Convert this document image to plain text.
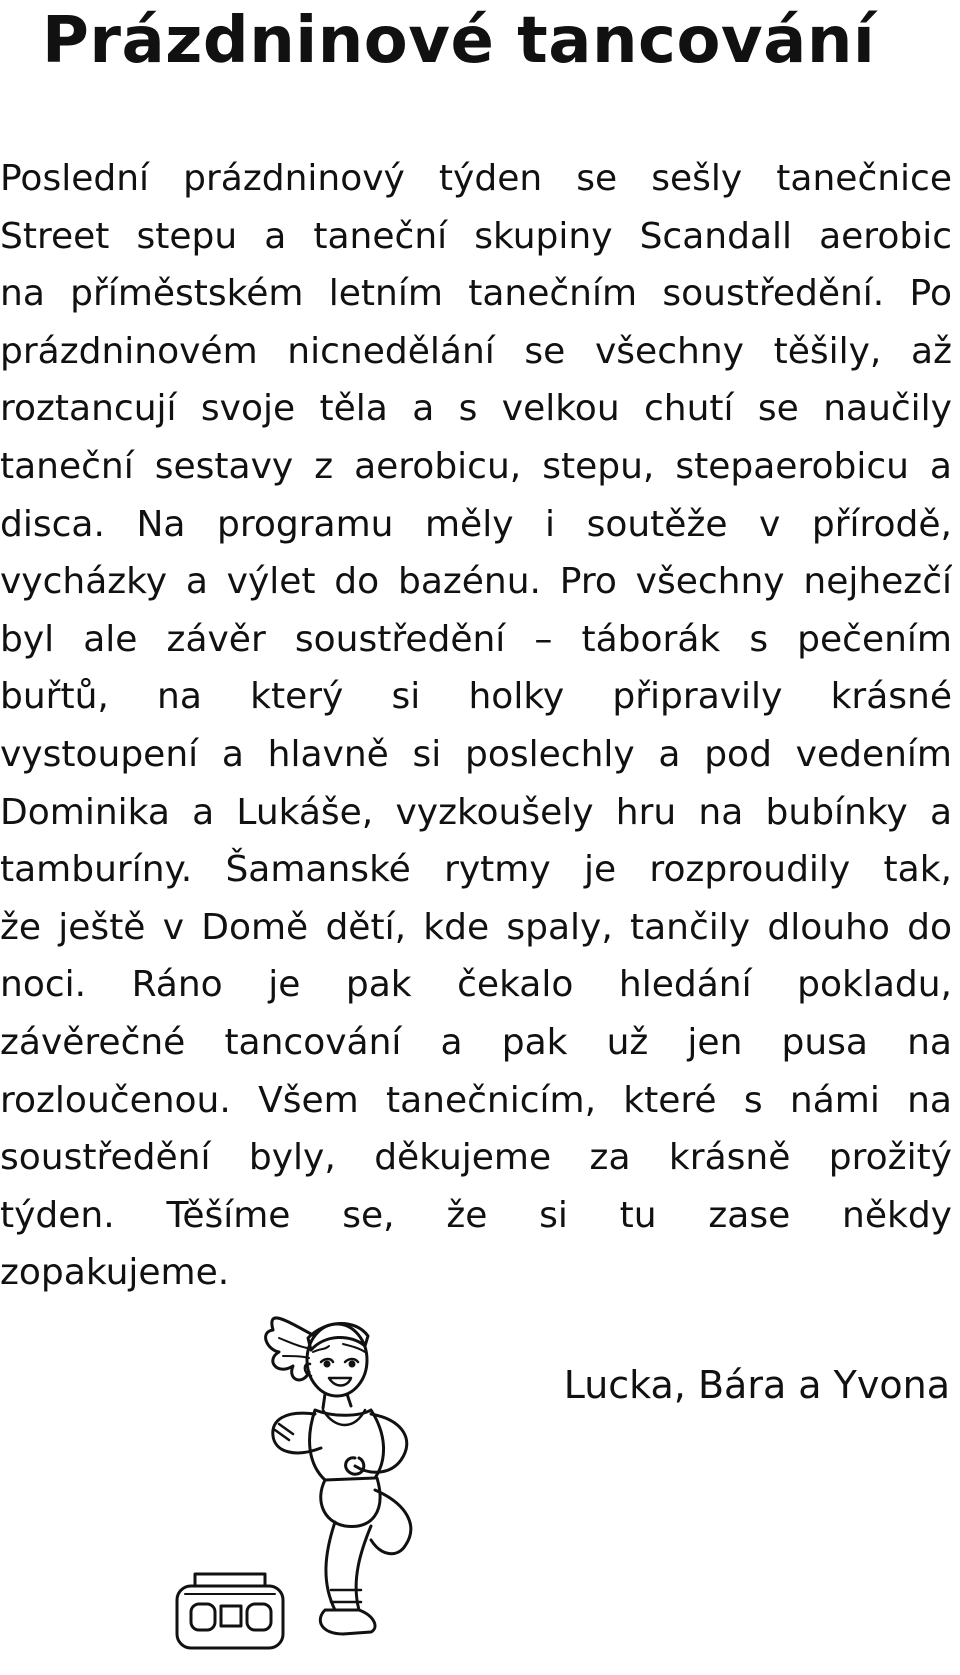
Prázdninové tancování
Poslední prázdninový týden se sešly tanečnice
Street stepu a taneční skupiny Scandall aerobic
na příměstském letním tanečním soustředění. Po
prázdninovém nicnedělání se všechny těšily, až
roztancují svoje těla a s velkou chutí se naučily
taneční sestavy z aerobicu, stepu, stepaerobicu a
disca. Na programu měly i soutěže v přírodě,
vycházky a výlet do bazénu. Pro všechny nejhezčí
byl ale závěr soustředění – táborák s pečením
buřtů, na který si holky připravily krásné
vystoupení a hlavně si poslechly a pod vedením
Dominika a Lukáše, vyzkoušely hru na bubínky a
tamburíny. Šamanské rytmy je rozproudily tak,
že ještě v Domě dětí, kde spaly, tančily dlouho do
noci. Ráno je pak čekalo hledání pokladu,
závěrečné tancování a pak už jen pusa na
rozloučenou. Všem tanečnicím, které s námi na
soustředění byly, děkujeme za krásně prožitý
týden. Těšíme se, že si tu zase někdy
zopakujeme.
Lucka, Bára a Yvona
